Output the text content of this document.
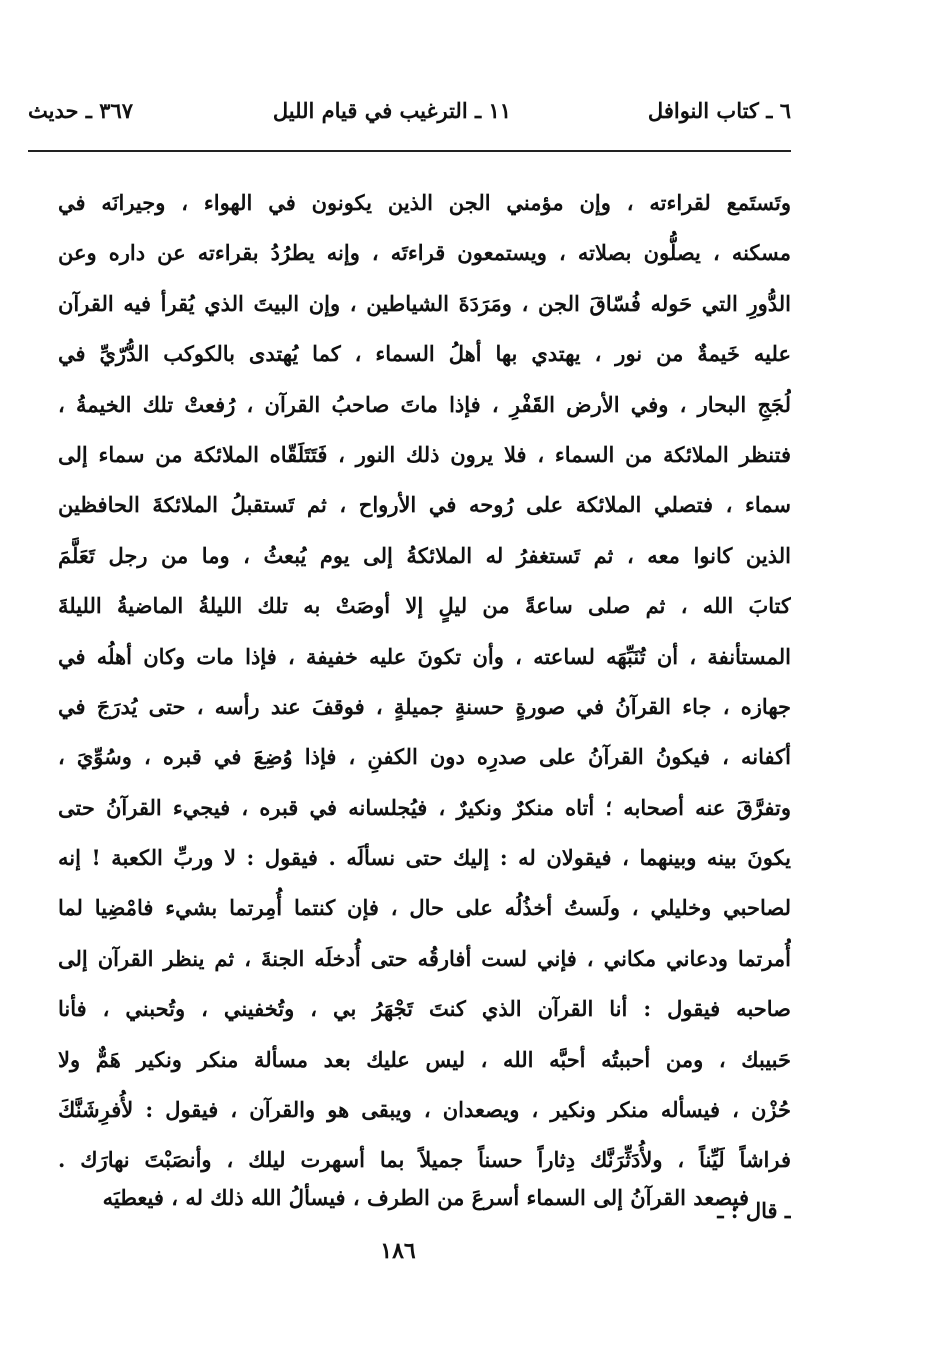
٦ ـ كتاب النوافل
١١ ـ الترغيب في قيام الليل
٣٦٧ ـ حديث
وتَستَمع لقراءته ، وإن مؤمني الجن الذين يكونون في الهواء ، وجيرانَه في
مسكنه ، يصلُّون بصلاته ، ويستمعون قراءتَه ، وإنه يطرُدُ بقراءته عن داره وعن
الدُّورِ التي حَوله فُسّاقَ الجن ، ومَرَدَةَ الشياطين ، وإن البيتَ الذي يُقرأ فيه القرآن
عليه خَيمةٌ من نور ، يهتدي بها أهلُ السماء ، كما يُهتدى بالكوكب الدُّرّيِّ في
لُجَجِ البحار ، وفي الأرض القَفْرِ ، فإذا ماتَ صاحبُ القرآن ، رُفعتْ تلك الخيمةُ ،
فتنظر الملائكة من السماء ، فلا يرون ذلك النور ، فَتَتَلَقّاه الملائكة من سماء إلى
سماء ، فتصلي الملائكة على رُوحه في الأرواح ، ثم تَستقبلُ الملائكةَ الحافظين
الذين كانوا معه ، ثم تَستغفرُ له الملائكةُ إلى يوم يُبعثُ ، وما من رجل تَعَلَّمَ
كتابَ الله ، ثم صلى ساعةً من ليلٍ إلا أوصَتْ به تلك الليلةُ الماضيةُ الليلةَ
المستأنفة ، أن تُنَبِّهَه لساعته ، وأن تكونَ عليه خفيفة ، فإذا مات وكان أهلُه في
جهازه ، جاء القرآنُ في صورةٍ حسنةٍ جميلةٍ ، فوقفَ عند رأسه ، حتى يُدرَجَ في
أكفانه ، فيكونُ القرآنُ على صدرِه دون الكفنِ ، فإذا وُضِعَ في قبره ، وسُوِّيَ ،
وتفرَّقَ عنه أصحابه ؛ أتاه منكرٌ ونكيرٌ ، فيُجلسانه في قبره ، فيجيء القرآنُ حتى
يكونَ بينه وبينهما ، فيقولان له : إليك حتى نسألَه . فيقول : لا وربِّ الكعبة ! إنه
لصاحبي وخليلي ، ولَستُ أخذُلُه على حال ، فإن كنتما أُمِرتما بشيء فامْضِيا لما
أُمرتما ودعاني مكاني ، فإني لست أفارقُه حتى أُدخلَه الجنةَ ، ثم ينظر القرآن إلى
صاحبه فيقول : أنا القرآن الذي كنتَ تَجْهَرُ بي ، وتُخفيني ، وتُحبني ، فأنا
حَبيبك ، ومن أحببتُه أحبَّه الله ، ليس عليك بعد مسألة منكر ونكير هَمٌّ ولا
حُزْن ، فيسأله منكر ونكير ، ويصعدان ، ويبقى هو والقرآن ، فيقول : لأُفرِشَنَّكَ
فراشاً لَيِّناً ، ولأُدَثِّرَنَّك دِثاراً حسناً جميلاً بما أسهرت ليلك ، وأنصَبْتَ نهارَك .
ـ قال : ـ
فيصعد القرآنُ إلى السماء أسرعَ من الطرف ، فيسألُ الله ذلك له ، فيعطيَه
١٨٦
